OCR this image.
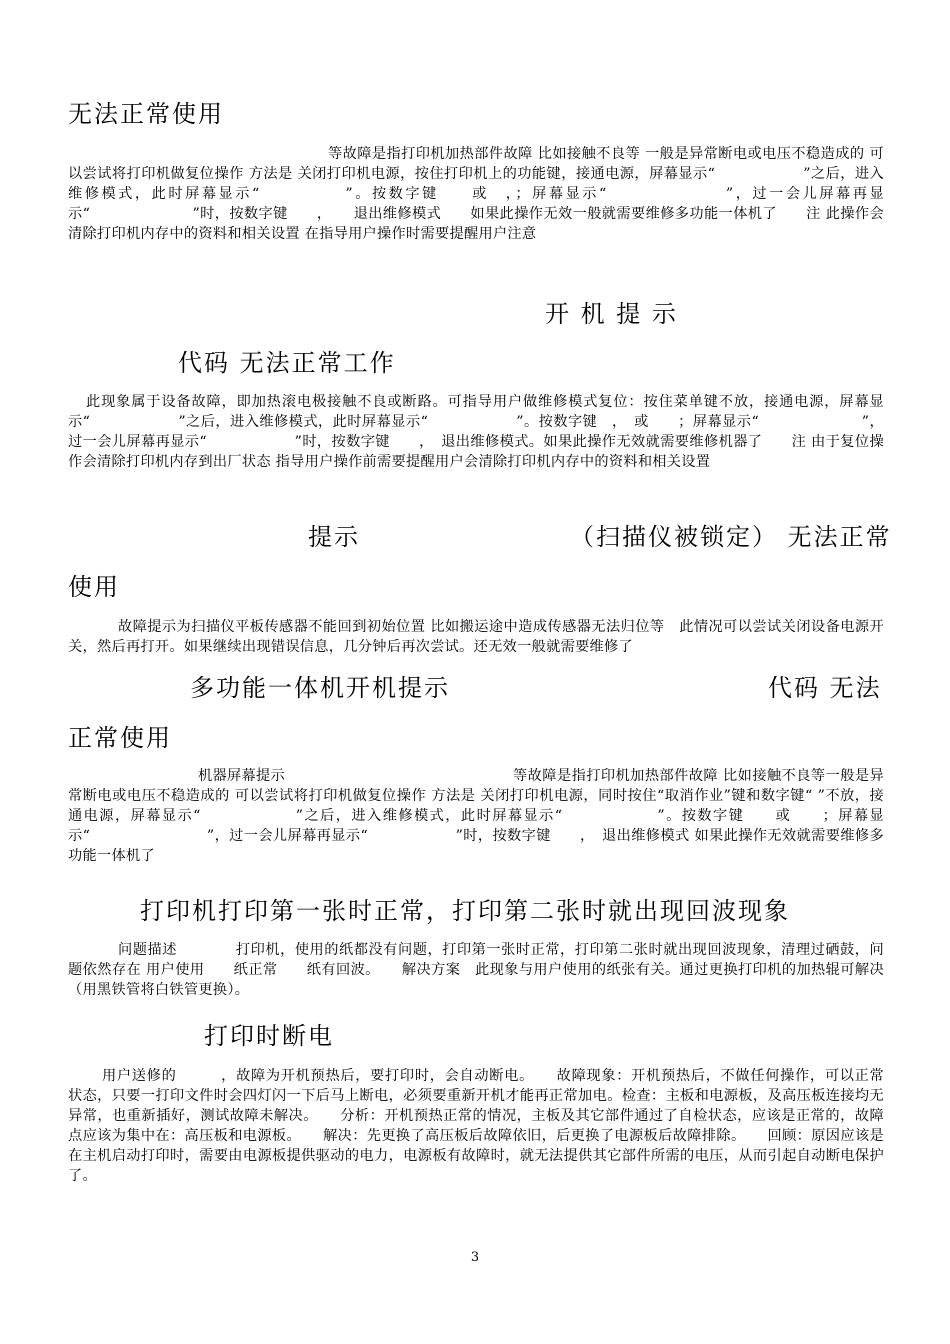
无法正常使用

等故障是指打印机加热部件故障 比如接触不良等 一般是异常断电或电压不稳造成的 可以尝试将打印机做复位操作 方法是 关闭打印机电源，按住打印机上的功能键，接通电源，屏幕显示“　　　　　　”之后，进入维修模式，此时屏幕显示“　　　　　”。按数字键　　或　，；屏幕显示“　　　　　　　”，过一会儿屏幕再显示“　　　　　　　”时，按数字键　　，　　退出维修模式　　如果此操作无效一般就需要维修多功能一体机了　　注 此操作会清除打印机内存中的资料和相关设置 在指导用户操作时需要提醒用户注意

开 机 提 示
代码 无法正常工作

此现象属于设备故障，即加热滚电极接触不良或断路。可指导用户做维修模式复位：按住菜单键不放，接通电源，屏幕显示“　　　　　　”之后，进入维修模式，此时屏幕显示“　　　　　　”。按数字键　，　或　　；屏幕显示“　　　　　　　”，过一会儿屏幕再显示“　　　　　　”时，按数字键　　，　退出维修模式。如果此操作无效就需要维修机器了　　注 由于复位操作会清除打印机内存到出厂状态 指导用户操作前需要提醒用户会清除打印机内存中的资料和相关设置

提示	（扫描仪被锁定） 无法正常
使用

故障提示为扫描仪平板传感器不能回到初始位置 比如搬运途中造成传感器无法归位等　此情况可以尝试关闭设备电源开关，然后再打开。如果继续出现错误信息，几分钟后再次尝试。还无效一般就需要维修了

多功能一体机开机提示	代码 无法
正常使用
机器屏幕提示	等故障是指打印机加热部件故障 比如接触不良等一般是异常断电或电压不稳造成的 可以尝试将打印机做复位操作 方法是 关闭打印机电源，同时按住“取消作业”键和数字键“ ”不放，接通电源，屏幕显示“　　　　　　”之后，进入维修模式，此时屏幕显示“　　　　　　”。按数字键　　或　　；屏幕显示“　　　　　　　　”，过一会儿屏幕再显示“　　　　　　”时，按数字键　　，　退出维修模式 如果此操作无效就需要维修多功能一体机了

打印机打印第一张时正常，打印第二张时就出现回波现象

问题描述　　　　打印机，使用的纸都没有问题，打印第一张时正常，打印第二张时就出现回波现象，清理过硒鼓，问题依然存在 用户使用　　纸正常　　纸有回波。　　解决方案　此现象与用户使用的纸张有关。通过更换打印机的加热辊可解决（用黑铁管将白铁管更换）。

打印时断电

用户送修的　　　，故障为开机预热后，要打印时，会自动断电。　　故障现象：开机预热后，不做任何操作，可以正常　　　状态，只要一打印文件时会四灯闪一下后马上断电，必须要重新开机才能再正常加电。检查：主板和电源板，及高压板连接均无异常，也重新插好，测试故障未解决。　　分析：开机预热正常的情况，主板及其它部件通过了自检状态，应该是正常的，故障点应该为集中在：高压板和电源板。　　解决：先更换了高压板后故障依旧，后更换了电源板后故障排除。　　回顾：原因应该是在主机启动打印时，需要由电源板提供驱动的电力，电源板有故障时，就无法提供其它部件所需的电压，从而引起自动断电保护了。

3
